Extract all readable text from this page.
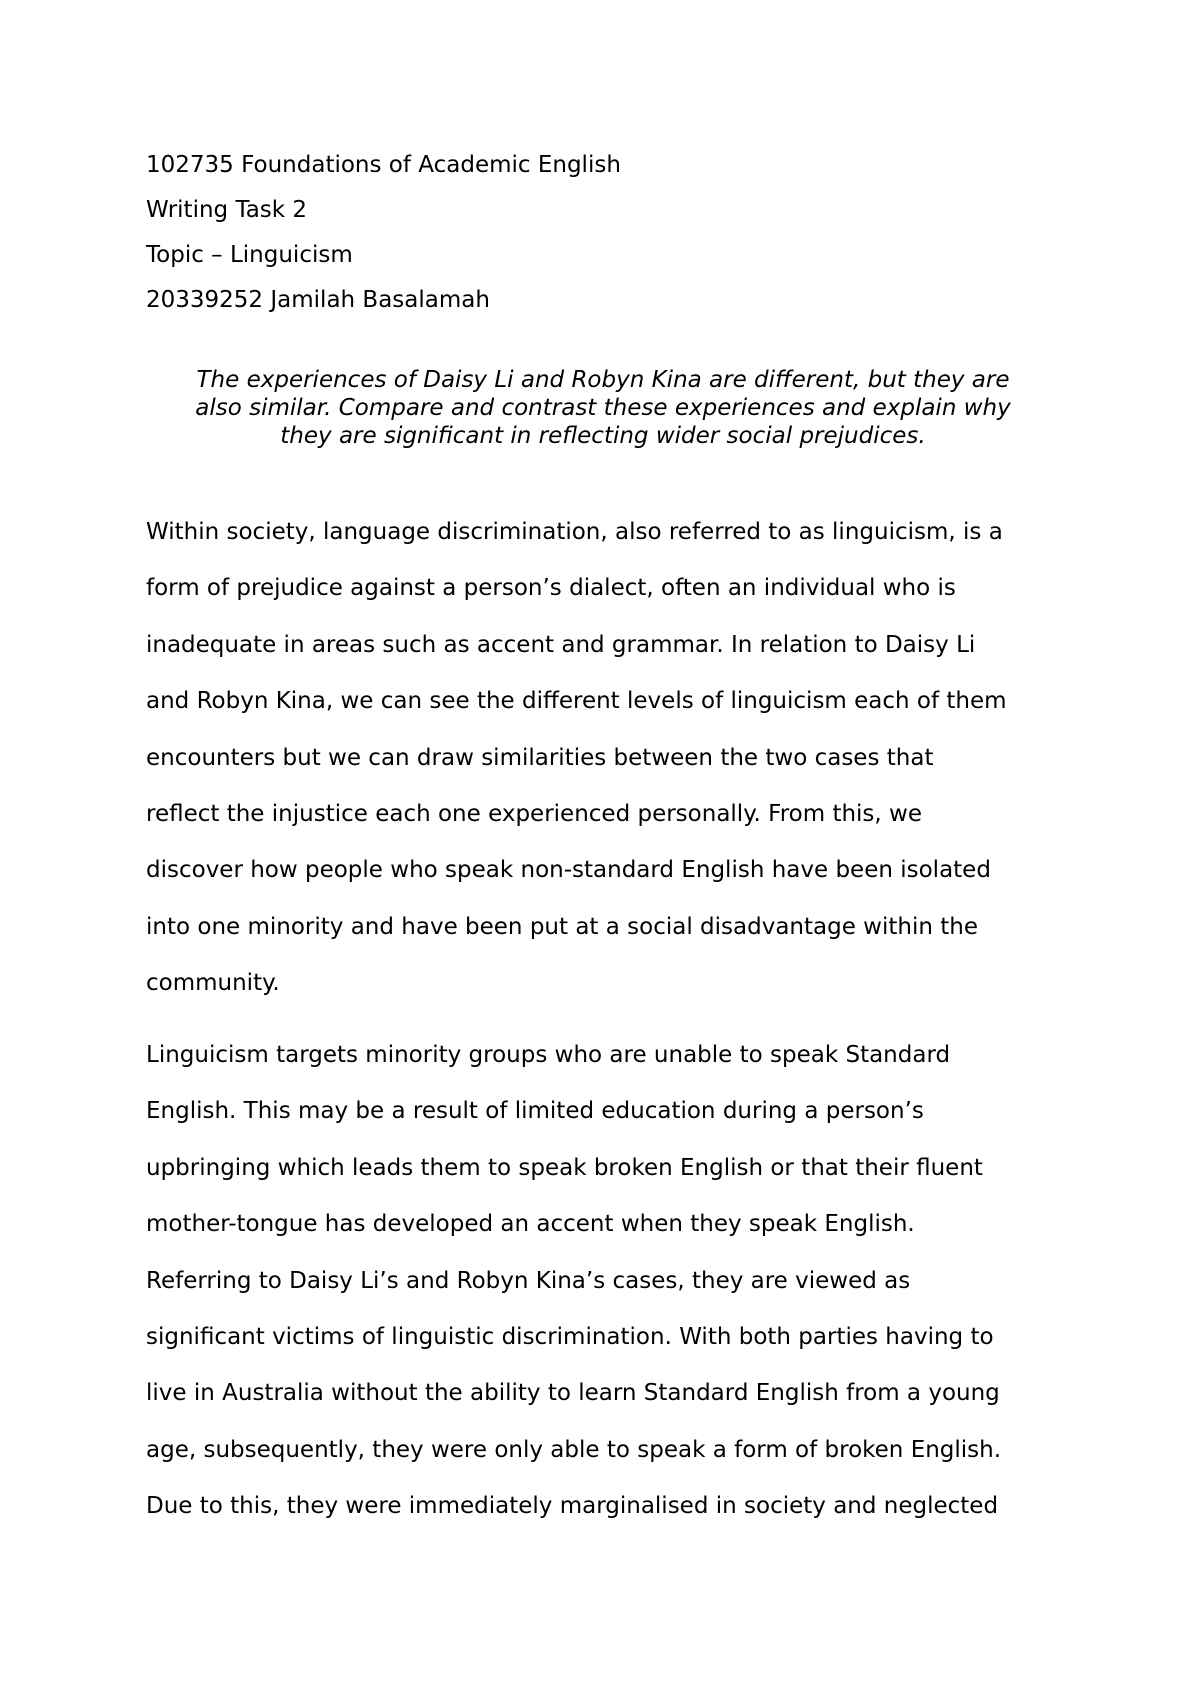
102735 Foundations of Academic English
Writing Task 2
Topic – Linguicism
20339252 Jamilah Basalamah
The experiences of Daisy Li and Robyn Kina are different, but they are
also similar. Compare and contrast these experiences and explain why
they are significant in reflecting wider social prejudices.
Within society, language discrimination, also referred to as linguicism, is a
form of prejudice against a person’s dialect, often an individual who is
inadequate in areas such as accent and grammar. In relation to Daisy Li
and Robyn Kina, we can see the different levels of linguicism each of them
encounters but we can draw similarities between the two cases that
reflect the injustice each one experienced personally. From this, we
discover how people who speak non-standard English have been isolated
into one minority and have been put at a social disadvantage within the
community.
Linguicism targets minority groups who are unable to speak Standard
English. This may be a result of limited education during a person’s
upbringing which leads them to speak broken English or that their fluent
mother-tongue has developed an accent when they speak English.
Referring to Daisy Li’s and Robyn Kina’s cases, they are viewed as
significant victims of linguistic discrimination. With both parties having to
live in Australia without the ability to learn Standard English from a young
age, subsequently, they were only able to speak a form of broken English.
Due to this, they were immediately marginalised in society and neglected
